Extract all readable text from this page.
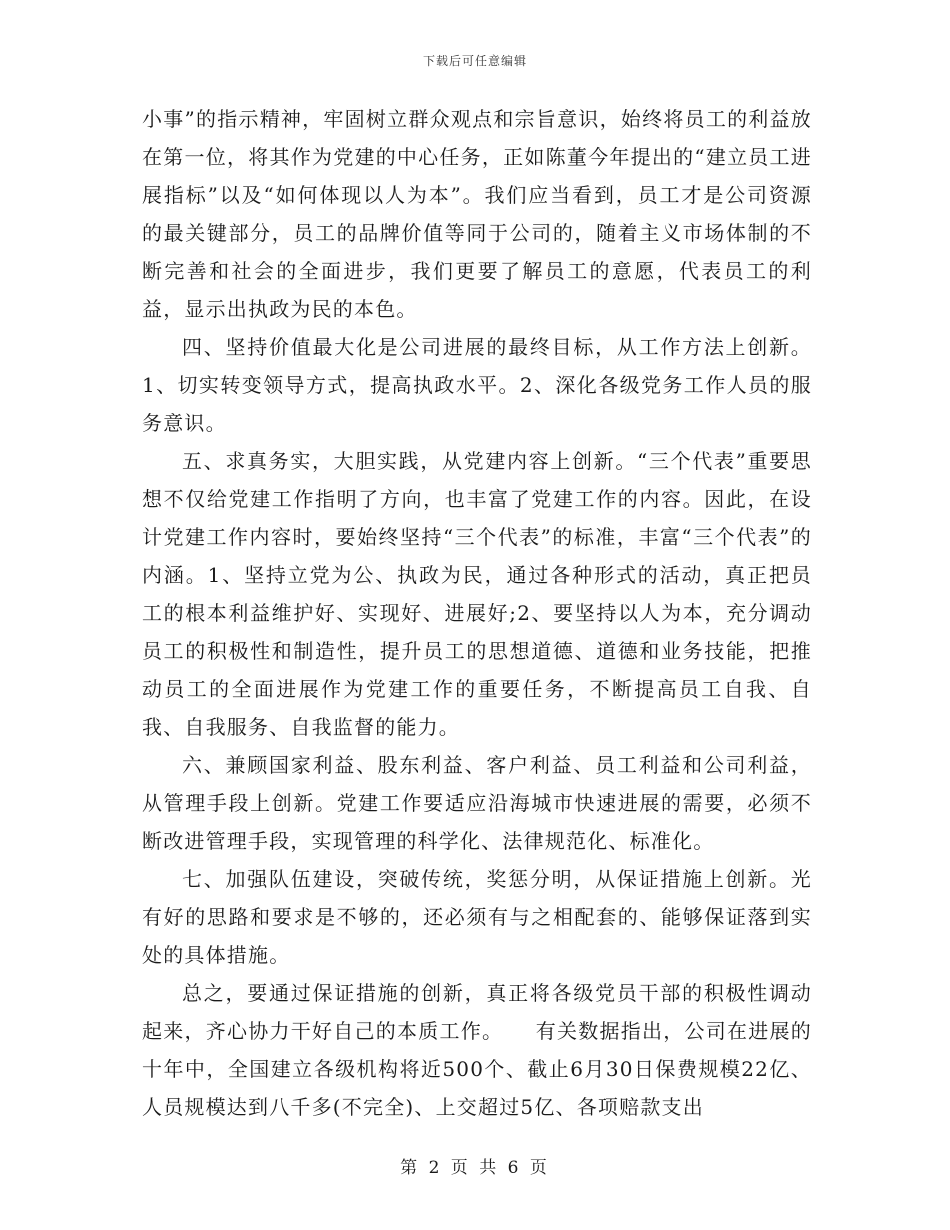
下载后可任意编辑

小事”的指示精神，牢固树立群众观点和宗旨意识，始终将员工的利益放在第一位，将其作为党建的中心任务，正如陈董今年提出的“建立员工进展指标”以及“如何体现以人为本”。我们应当看到，员工才是公司资源的最关键部分，员工的品牌价值等同于公司的，随着主义市场体制的不断完善和社会的全面进步，我们更要了解员工的意愿，代表员工的利益，显示出执政为民的本色。

四、坚持价值最大化是公司进展的最终目标，从工作方法上创新。1、切实转变领导方式，提高执政水平。2、深化各级党务工作人员的服务意识。

五、求真务实，大胆实践，从党建内容上创新。“三个代表”重要思想不仅给党建工作指明了方向，也丰富了党建工作的内容。因此，在设计党建工作内容时，要始终坚持“三个代表”的标准，丰富“三个代表”的内涵。1、坚持立党为公、执政为民，通过各种形式的活动，真正把员工的根本利益维护好、实现好、进展好;2、要坚持以人为本，充分调动员工的积极性和制造性，提升员工的思想道德、道德和业务技能，把推动员工的全面进展作为党建工作的重要任务，不断提高员工自我、自我、自我服务、自我监督的能力。

六、兼顾国家利益、股东利益、客户利益、员工利益和公司利益，从管理手段上创新。党建工作要适应沿海城市快速进展的需要，必须不断改进管理手段，实现管理的科学化、法律规范化、标准化。

七、加强队伍建设，突破传统，奖惩分明，从保证措施上创新。光有好的思路和要求是不够的，还必须有与之相配套的、能够保证落到实处的具体措施。

总之，要通过保证措施的创新，真正将各级党员干部的积极性调动起来，齐心协力干好自己的本质工作。　　有关数据指出，公司在进展的十年中，全国建立各级机构将近500个、截止6月30日保费规模22亿、人员规模达到八千多(不完全)、上交超过5亿、各项赔款支出

第 2 页 共 6 页
